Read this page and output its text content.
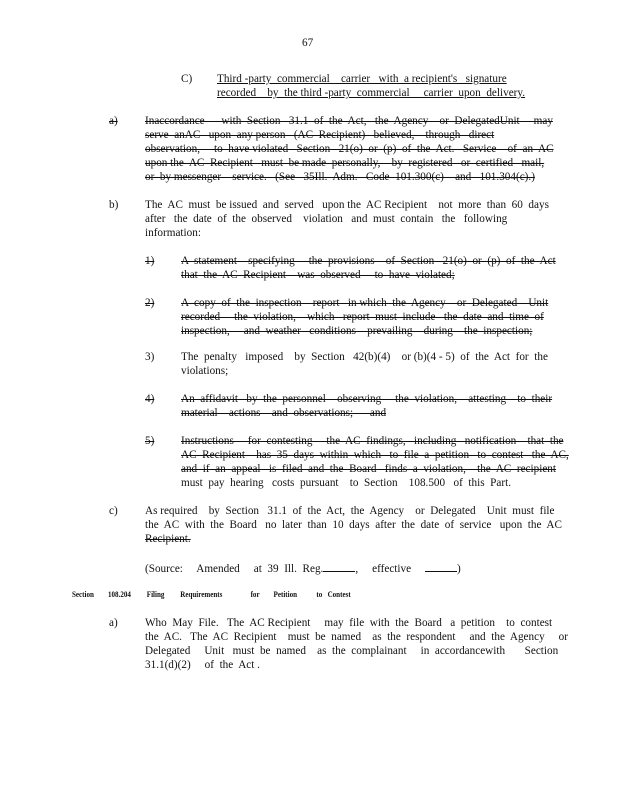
67
C) Third -party  commercial    carrier   with  a recipient's   signature
recorded    by  the third -party  commercial     carrier  upon  delivery.
a) Inaccordance      with  Section   31.1  of  the  Act,   the  Agency    or  DelegatedUnit     may
serve  anAC   upon  any person   (AC  Recipient)   believed,    through   direct
observation,     to  have violated   Section   21(o)  or  (p)  of  the  Act.   Service    of  an  AC
upon the  AC  Recipient   must  be made  personally,    by  registered   or  certified   mail,
or  by messenger    service.   (See   35Ill.  Adm.   Code  101.300(c)    and   101.304(c).)
b) The  AC  must  be issued  and  served   upon the  AC Recipient    not  more  than  60  days
after   the  date  of  the  observed    violation   and  must  contain   the   following
information:
1) A  statement    specifying     the  provisions    of  Section   21(o)  or  (p)  of  the  Act
that  the  AC  Recipient    was  observed     to  have  violated;
2) A  copy  of  the  inspection    report   in which  the  Agency    or  Delegated    Unit
recorded     the  violation,    which   report  must  include   the  date  and  time  of
inspection,     and  weather   conditions    prevailing    during    the  inspection;
3) The  penalty   imposed    by  Section   42(b)(4)    or (b)(4 - 5)  of  the  Act  for  the
violations;
4) An  affidavit   by  the  personnel    observing     the  violation,    attesting    to  their
material    actions    and  observations;      and
5) Instructions     for  contesting     the  AC  findings,   including   notification    that  the
AC  Recipient    has  35  days  within  which   to  file  a  petition   to  contest   the  AC,
and  if  an  appeal   is  filed  and  the  Board   finds  a  violation,    the  AC  recipient
must  pay  hearing   costs  pursuant    to  Section    108.500   of  this  Part.
c) As required    by  Section   31.1  of  the  Act,  the  Agency    or  Delegated    Unit  must  file
the  AC  with  the  Board   no  later  than  10  days  after  the  date  of  service   upon  the  AC
Recipient.
(Source:     Amended     at  39  Ill.  Reg.	,     effective	)
Section        108.204         Filing         Requirements                for        Petition           to   Contest
a) Who  May  File.   The  AC Recipient     may  file  with  the  Board   a  petition    to  contest
the  AC.   The  AC  Recipient    must  be  named    as  the  respondent     and  the  Agency     or
Delegated     Unit   must  be  named    as  the  complainant     in  accordancewith       Section
31.1(d)(2)     of  the  Act .
